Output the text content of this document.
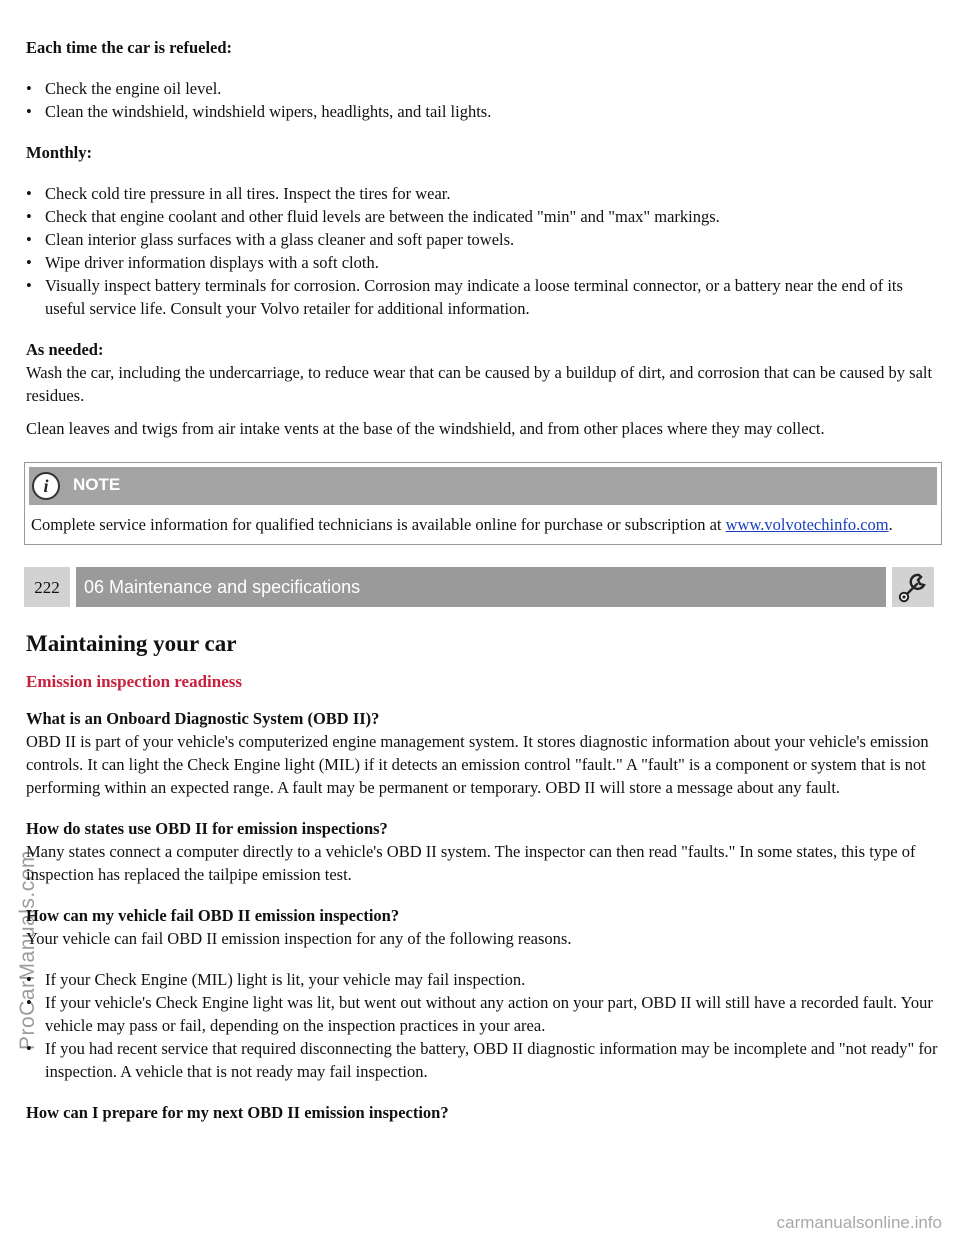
ProCarManuals.com
Each time the car is refueled:
• Check the engine oil level.
• Clean the windshield, windshield wipers, headlights, and tail lights.
Monthly:
• Check cold tire pressure in all tires. Inspect the tires for wear.
• Check that engine coolant and other fluid levels are between the indicated "min" and "max" markings.
• Clean interior glass surfaces with a glass cleaner and soft paper towels.
• Wipe driver information displays with a soft cloth.
• Visually inspect battery terminals for corrosion. Corrosion may indicate a loose terminal connector, or a battery near the end of its useful service life. Consult your Volvo retailer for additional information.
As needed:

Wash the car, including the undercarriage, to reduce wear that can be caused by a buildup of dirt, and corrosion that can be caused by salt residues.

Clean leaves and twigs from air intake vents at the base of the windshield, and from other places where they may collect.

i	NOTE
Complete service information for qualified technicians is available online for purchase or subscription at www.volvotechinfo.com.
222	06 Maintenance and specifications
Maintaining your car
Emission inspection readiness
What is an Onboard Diagnostic System (OBD II)?

OBD II is part of your vehicle's computerized engine management system. It stores diagnostic information about your vehicle's emission controls. It can light the Check Engine light (MIL) if it detects an emission control "fault." A "fault" is a component or system that is not performing within an expected range. A fault may be permanent or temporary. OBD II will store a message about any fault.

How do states use OBD II for emission inspections?

Many states connect a computer directly to a vehicle's OBD II system. The inspector can then read "faults." In some states, this type of inspection has replaced the tailpipe emission test.

How can my vehicle fail OBD II emission inspection?

Your vehicle can fail OBD II emission inspection for any of the following reasons.

• If your Check Engine (MIL) light is lit, your vehicle may fail inspection.
• If your vehicle's Check Engine light was lit, but went out without any action on your part, OBD II will still have a recorded fault. Your vehicle may pass or fail, depending on the inspection practices in your area.
• If you had recent service that required disconnecting the battery, OBD II diagnostic information may be incomplete and "not ready" for inspection. A vehicle that is not ready may fail inspection.
How can I prepare for my next OBD II emission inspection?
carmanualsonline.info
